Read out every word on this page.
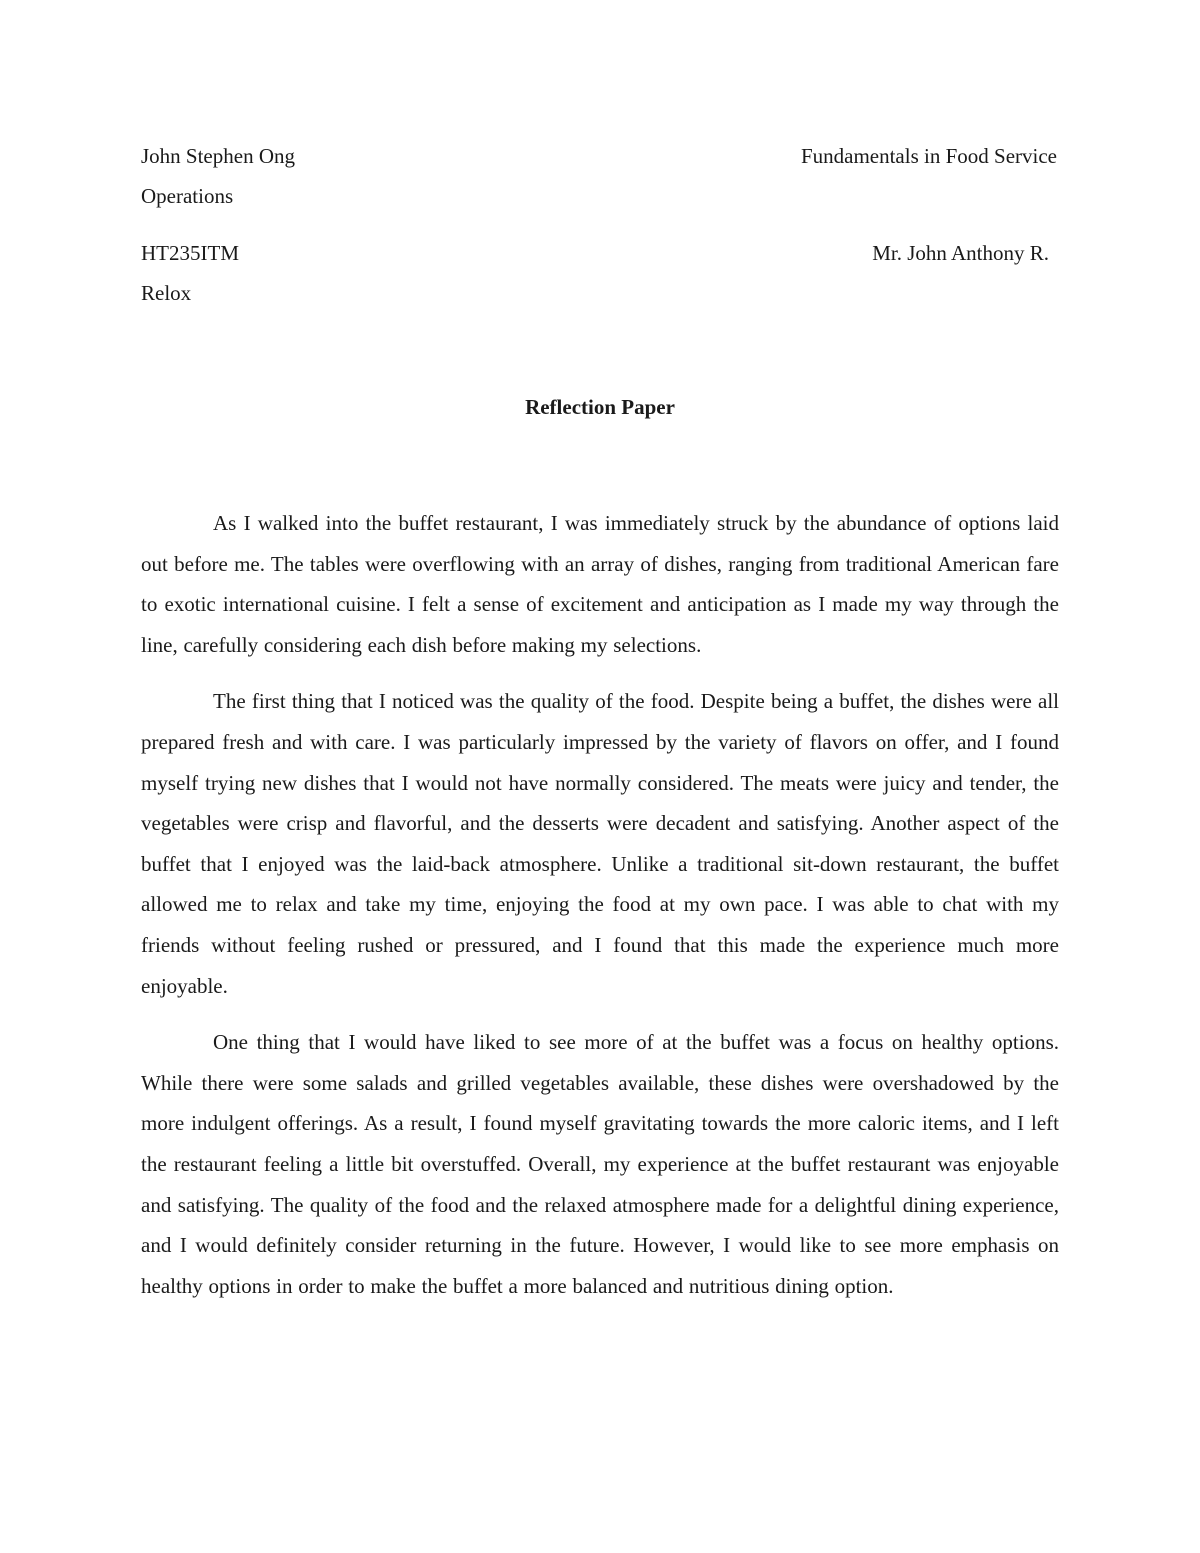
John Stephen Ong	Fundamentals in Food Service
Operations
HT235ITM	Mr. John Anthony R.
Relox
Reflection Paper

As I walked into the buffet restaurant, I was immediately struck by the abundance of options laid out before me. The tables were overflowing with an array of dishes, ranging from traditional American fare to exotic international cuisine. I felt a sense of excitement and anticipation as I made my way through the line, carefully considering each dish before making my selections.

The first thing that I noticed was the quality of the food. Despite being a buffet, the dishes were all prepared fresh and with care. I was particularly impressed by the variety of flavors on offer, and I found myself trying new dishes that I would not have normally considered. The meats were juicy and tender, the vegetables were crisp and flavorful, and the desserts were decadent and satisfying. Another aspect of the buffet that I enjoyed was the laid-back atmosphere. Unlike a traditional sit-down restaurant, the buffet allowed me to relax and take my time, enjoying the food at my own pace. I was able to chat with my friends without feeling rushed or pressured, and I found that this made the experience much more enjoyable.

One thing that I would have liked to see more of at the buffet was a focus on healthy options. While there were some salads and grilled vegetables available, these dishes were overshadowed by the more indulgent offerings. As a result, I found myself gravitating towards the more caloric items, and I left the restaurant feeling a little bit overstuffed. Overall, my experience at the buffet restaurant was enjoyable and satisfying. The quality of the food and the relaxed atmosphere made for a delightful dining experience, and I would definitely consider returning in the future. However, I would like to see more emphasis on healthy options in order to make the buffet a more balanced and nutritious dining option.
